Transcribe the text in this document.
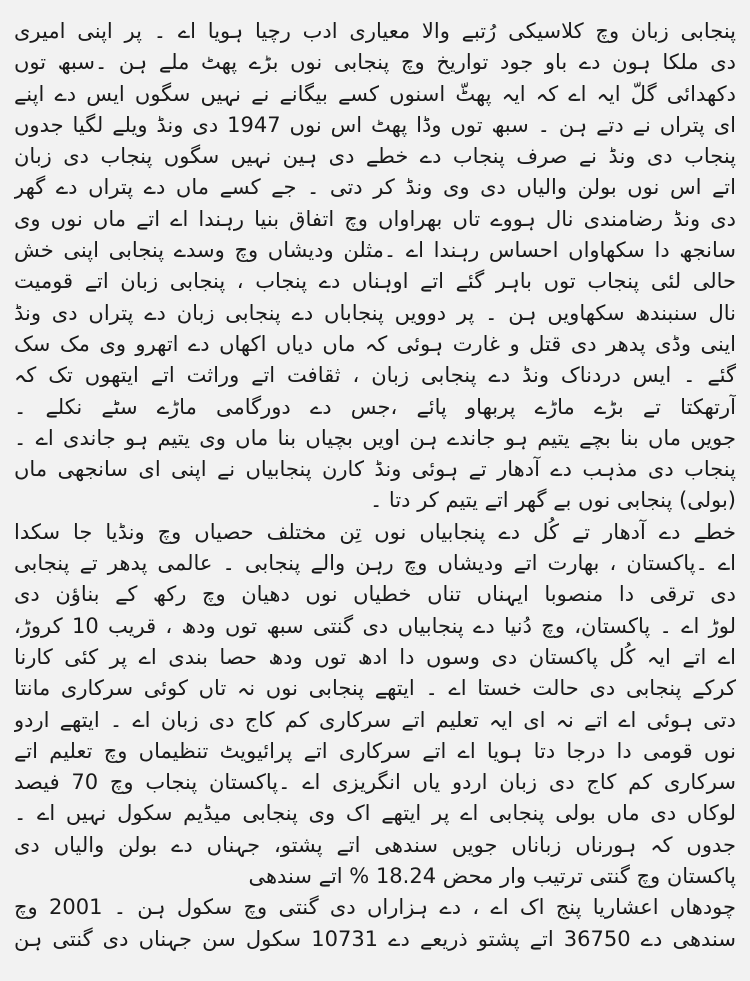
پنجابی زبان وچ کلاسیکی رُتبے والا معیاری ادب رچیا ہویا اے ۔ پر اپنی امیری
دی ملکا ہون دے باو جود تواریخ وچ پنجابی نوں بڑے پھٹ ملے ہن ۔سبھ توں
دکھدائی گلّ ایہ اے کہ ایہ پھٹّ اسنوں کسے بیگانے نے نہیں سگوں ایس دے اپنے
ای پتراں نے دتے ہن ۔ سبھ توں وڈا پھٹ اس نوں 1947 دی ونڈ ویلے لگیا جدوں
پنجاب دی ونڈ نے صرف پنجاب دے خطے دی ہین نہیں سگوں پنجاب دی زبان
اتے اس نوں بولن والیاں دی وی ونڈ کر دتی ۔ جے کسے ماں دے پتراں دے گھر
دی ونڈ رضامندی نال ہووے تاں بھراواں وچ اتفاق بنیا رہندا اے اتے ماں نوں وی
سانجھ دا سکھاواں احساس رہندا اے ۔مثلن ودیشاں وچ وسدے پنجابی اپنی خش
حالی لئی پنجاب توں باہر گئے اتے اوہناں دے پنجاب ، پنجابی زبان اتے قومیت
نال سنبندھ سکھاویں ہن ۔ پر دوویں پنجاباں دے پنجابی زبان دے پتراں دی ونڈ
اینی وڈی پدھر دی قتل و غارت ہوئی کہ ماں دیاں اکھاں دے اتھرو وی مک سک
گئے ۔ ایس دردناک ونڈ دے پنجابی زبان ، ثقافت اتے وراثت اتے ایتھوں تک کہ
آرتھکتا تے بڑے ماڑے پربھاو پائے ،جس دے دورگامی ماڑے سٹے نکلے ۔
جویں ماں بنا بچے یتیم ہو جاندے ہن اویں بچیاں بنا ماں وی یتیم ہو جاندی اے ۔
پنجاب دی مذہب دے آدھار تے ہوئی ونڈ کارن پنجابیاں نے اپنی ای سانجھی ماں
(بولی) پنجابی نوں بے گھر اتے یتیم کر دتا ۔
خطے دے آدھار تے کُل دے پنجابیاں نوں تِن مختلف حصیاں وچ ونڈیا جا سکدا
اے ۔پاکستان ، بھارت اتے ودیشاں وچ رہن والے پنجابی ۔ عالمی پدھر تے پنجابی
دی ترقی دا منصوبا ایہناں تناں خطیاں نوں دھیان وچ رکھ کے بناؤن دی
لوڑ اے ۔ پاکستان، وچ دُنیا دے پنجابیاں دی گنتی سبھ توں ودھ ، قریب 10 کروڑ،
اے اتے ایہ کُل پاکستان دی وسوں دا ادھ توں ودھ حصا بندی اے پر کئی کارنا
کرکے پنجابی دی حالت خستا اے ۔ ایتھے پنجابی نوں نہ تاں کوئی سرکاری مانتا
دتی ہوئی اے اتے نہ ای ایہ تعلیم اتے سرکاری کم کاج دی زبان اے ۔ ایتھے اردو
نوں قومی دا درجا دتا ہویا اے اتے سرکاری اتے پرائیویٹ تنظیماں وچ تعلیم اتے
سرکاری کم کاج دی زبان اردو یاں انگریزی اے ۔پاکستان پنجاب وچ 70 فیصد
لوکاں دی ماں بولی پنجابی اے پر ایتھے اک وی پنجابی میڈیم سکول نہیں اے ۔
جدوں کہ ہورناں زباناں جویں سندھی اتے پشتو، جہناں دے بولن والیاں دی
پاکستان وچ گنتی ترتیب وار محض 18.24 % اتے سندھی
چودھاں اعشاریا پنج اک اے ، دے ہزاراں دی گنتی وچ سکول ہن ۔ 2001 وچ
سندھی دے 36750 اتے پشتو ذریعے دے 10731 سکول سن جہناں دی گنتی ہن
